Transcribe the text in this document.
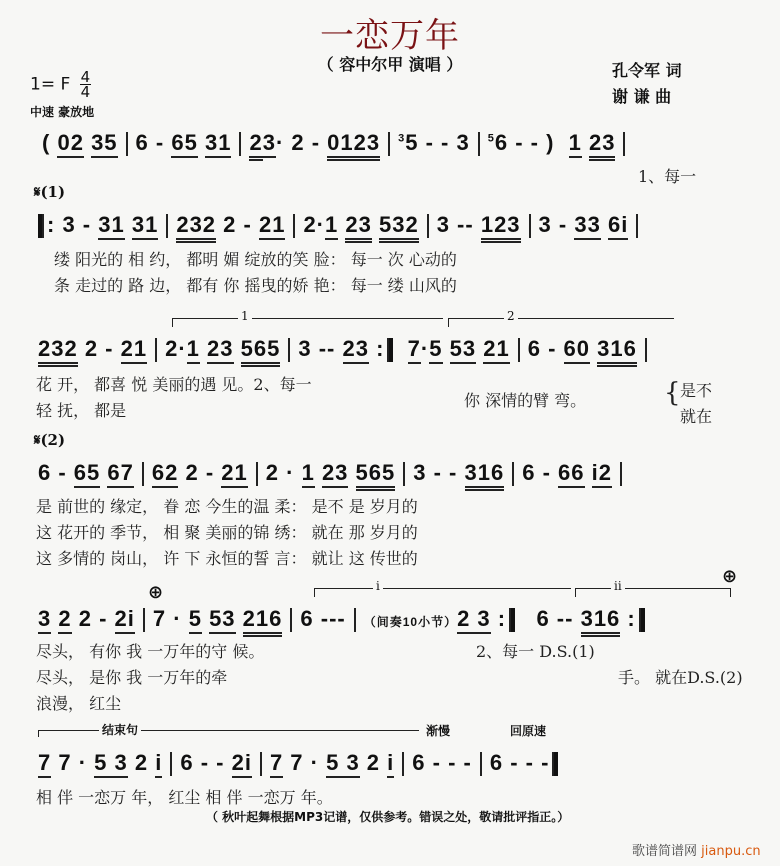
一恋万年
（ 容中尔甲 演唱 ）	孔令军 词
谢 谦 曲
1= F $\frac{4}{4}$
中速 豪放地
( 02 35 6 - 65 31 23· 2 - 0123 $^3$5 - - 3 $^5$6 - - )  1 23
1、每一
𝄋(1)
: 3 - 31 31 232 2 - 21 2·1 23 532 3 -- 123 3 - 33 6i
缕 阳光的 相 约， 都明 媚 绽放的笑 脸： 每一 次 心动的
条 走过的 路 边， 都有 你 摇曳的娇 艳： 每一 缕 山风的
1	2
232 2 - 21 2·1 23 565 3 -- 23 : 7·5 53 21 6 - 60 316
花 开， 都喜 悦 美丽的遇 见。2、每一
轻 抚， 都是
你 深情的臂 弯。	{ 是不
就在
𝄋(2)
6 - 65 67 62 2 - 21 2 · 1 23 565 3 - - 316 6 - 66 i2
是 前世的 缘定， 眷 恋 今生的温 柔： 是不 是 岁月的
这 花开的 季节， 相 聚 美丽的锦 绣： 就在 那 岁月的
这 多情的 岗山， 许 下 永恒的誓 言： 就让 这 传世的
⊕
⊕
i	ii
3 2 2 - 2i 7 · 5 53 216 6 --- （间奏10小节）2 3 :   6 -- 316 :
尽头， 有你 我 一万年的守 候。
尽头， 是你 我 一万年的牵
浪漫， 红尘
2、每一 D.S.(1)
手。 就在D.S.(2)
结束句	渐慢	回原速
7 7 · 5 3 2 i 6 - - 2i 7 7 · 5 3 2 i 6 - - - 6 - - -
相 伴 一恋万 年， 红尘 相 伴 一恋万 年。
（ 秋叶起舞根据MP3记谱，仅供参考。错误之处，敬请批评指正。）
歌谱简谱网 jianpu.cn
